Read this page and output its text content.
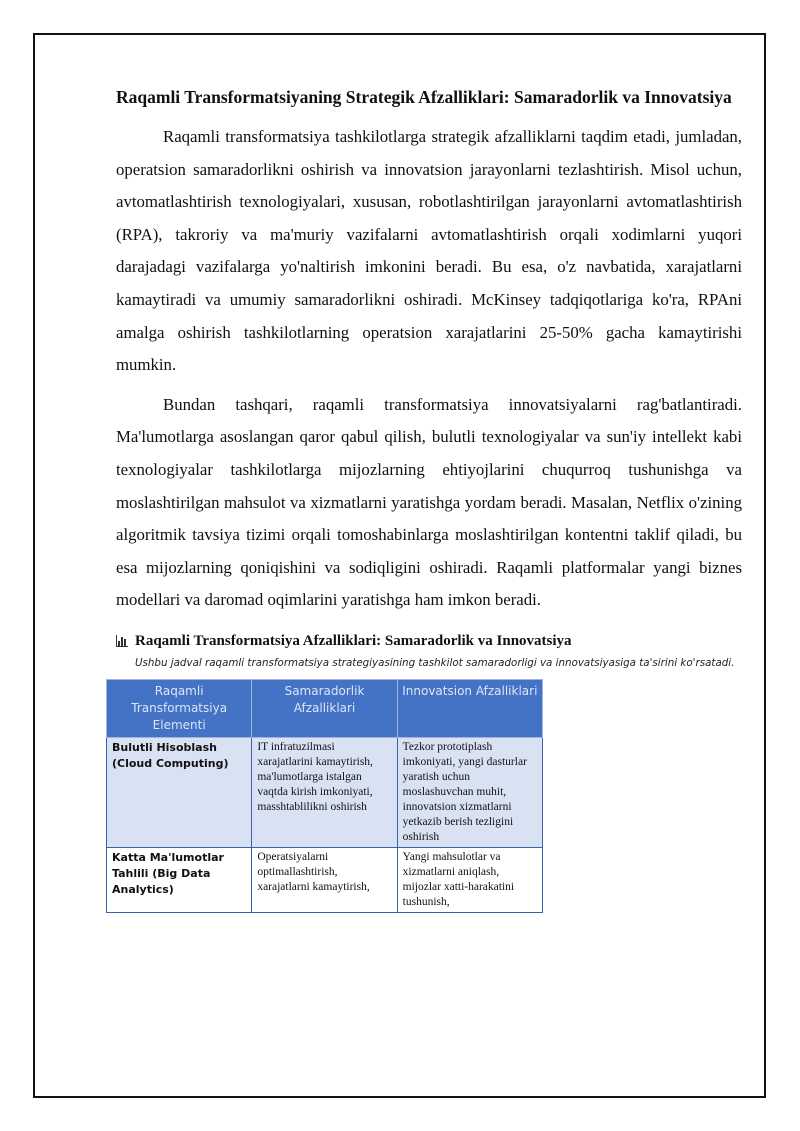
Raqamli Transformatsiyaning Strategik Afzalliklari: Samaradorlik va Innovatsiya

Raqamli transformatsiya tashkilotlarga strategik afzalliklarni taqdim etadi, jumladan, operatsion samaradorlikni oshirish va innovatsion jarayonlarni tezlashtirish. Misol uchun, avtomatlashtirish texnologiyalari, xususan, robotlashtirilgan jarayonlarni avtomatlashtirish (RPA), takroriy va ma'muriy vazifalarni avtomatlashtirish orqali xodimlarni yuqori darajadagi vazifalarga yo'naltirish imkonini beradi. Bu esa, o'z navbatida, xarajatlarni kamaytiradi va umumiy samaradorlikni oshiradi. McKinsey tadqiqotlariga ko'ra, RPAni amalga oshirish tashkilotlarning operatsion xarajatlarini 25-50% gacha kamaytirishi mumkin.

Bundan tashqari, raqamli transformatsiya innovatsiyalarni rag'batlantiradi. Ma'lumotlarga asoslangan qaror qabul qilish, bulutli texnologiyalar va sun'iy intellekt kabi texnologiyalar tashkilotlarga mijozlarning ehtiyojlarini chuqurroq tushunishga va moslashtirilgan mahsulot va xizmatlarni yaratishga yordam beradi. Masalan, Netflix o'zining algoritmik tavsiya tizimi orqali tomoshabinlarga moslashtirilgan kontentni taklif qiladi, bu esa mijozlarning qoniqishini va sodiqligini oshiradi. Raqamli platformalar yangi biznes modellari va daromad oqimlarini yaratishga ham imkon beradi.

Raqamli Transformatsiya Afzalliklari: Samaradorlik va Innovatsiya
Ushbu jadval raqamli transformatsiya strategiyasining tashkilot samaradorligi va innovatsiyasiga ta'sirini ko'rsatadi.
Raqamli Transformatsiya Elementi	Samaradorlik Afzalliklari	Innovatsion Afzalliklari
Bulutli Hisoblash (Cloud Computing)	IT infratuzilmasi xarajatlarini kamaytirish, ma'lumotlarga istalgan vaqtda kirish imkoniyati, masshtablilikni oshirish	Tezkor prototiplash imkoniyati, yangi dasturlar yaratish uchun moslashuvchan muhit, innovatsion xizmatlarni yetkazib berish tezligini oshirish
Katta Ma'lumotlar Tahlili (Big Data Analytics)	Operatsiyalarni optimallashtirish, xarajatlarni kamaytirish,	Yangi mahsulotlar va xizmatlarni aniqlash, mijozlar xatti-harakatini tushunish,
